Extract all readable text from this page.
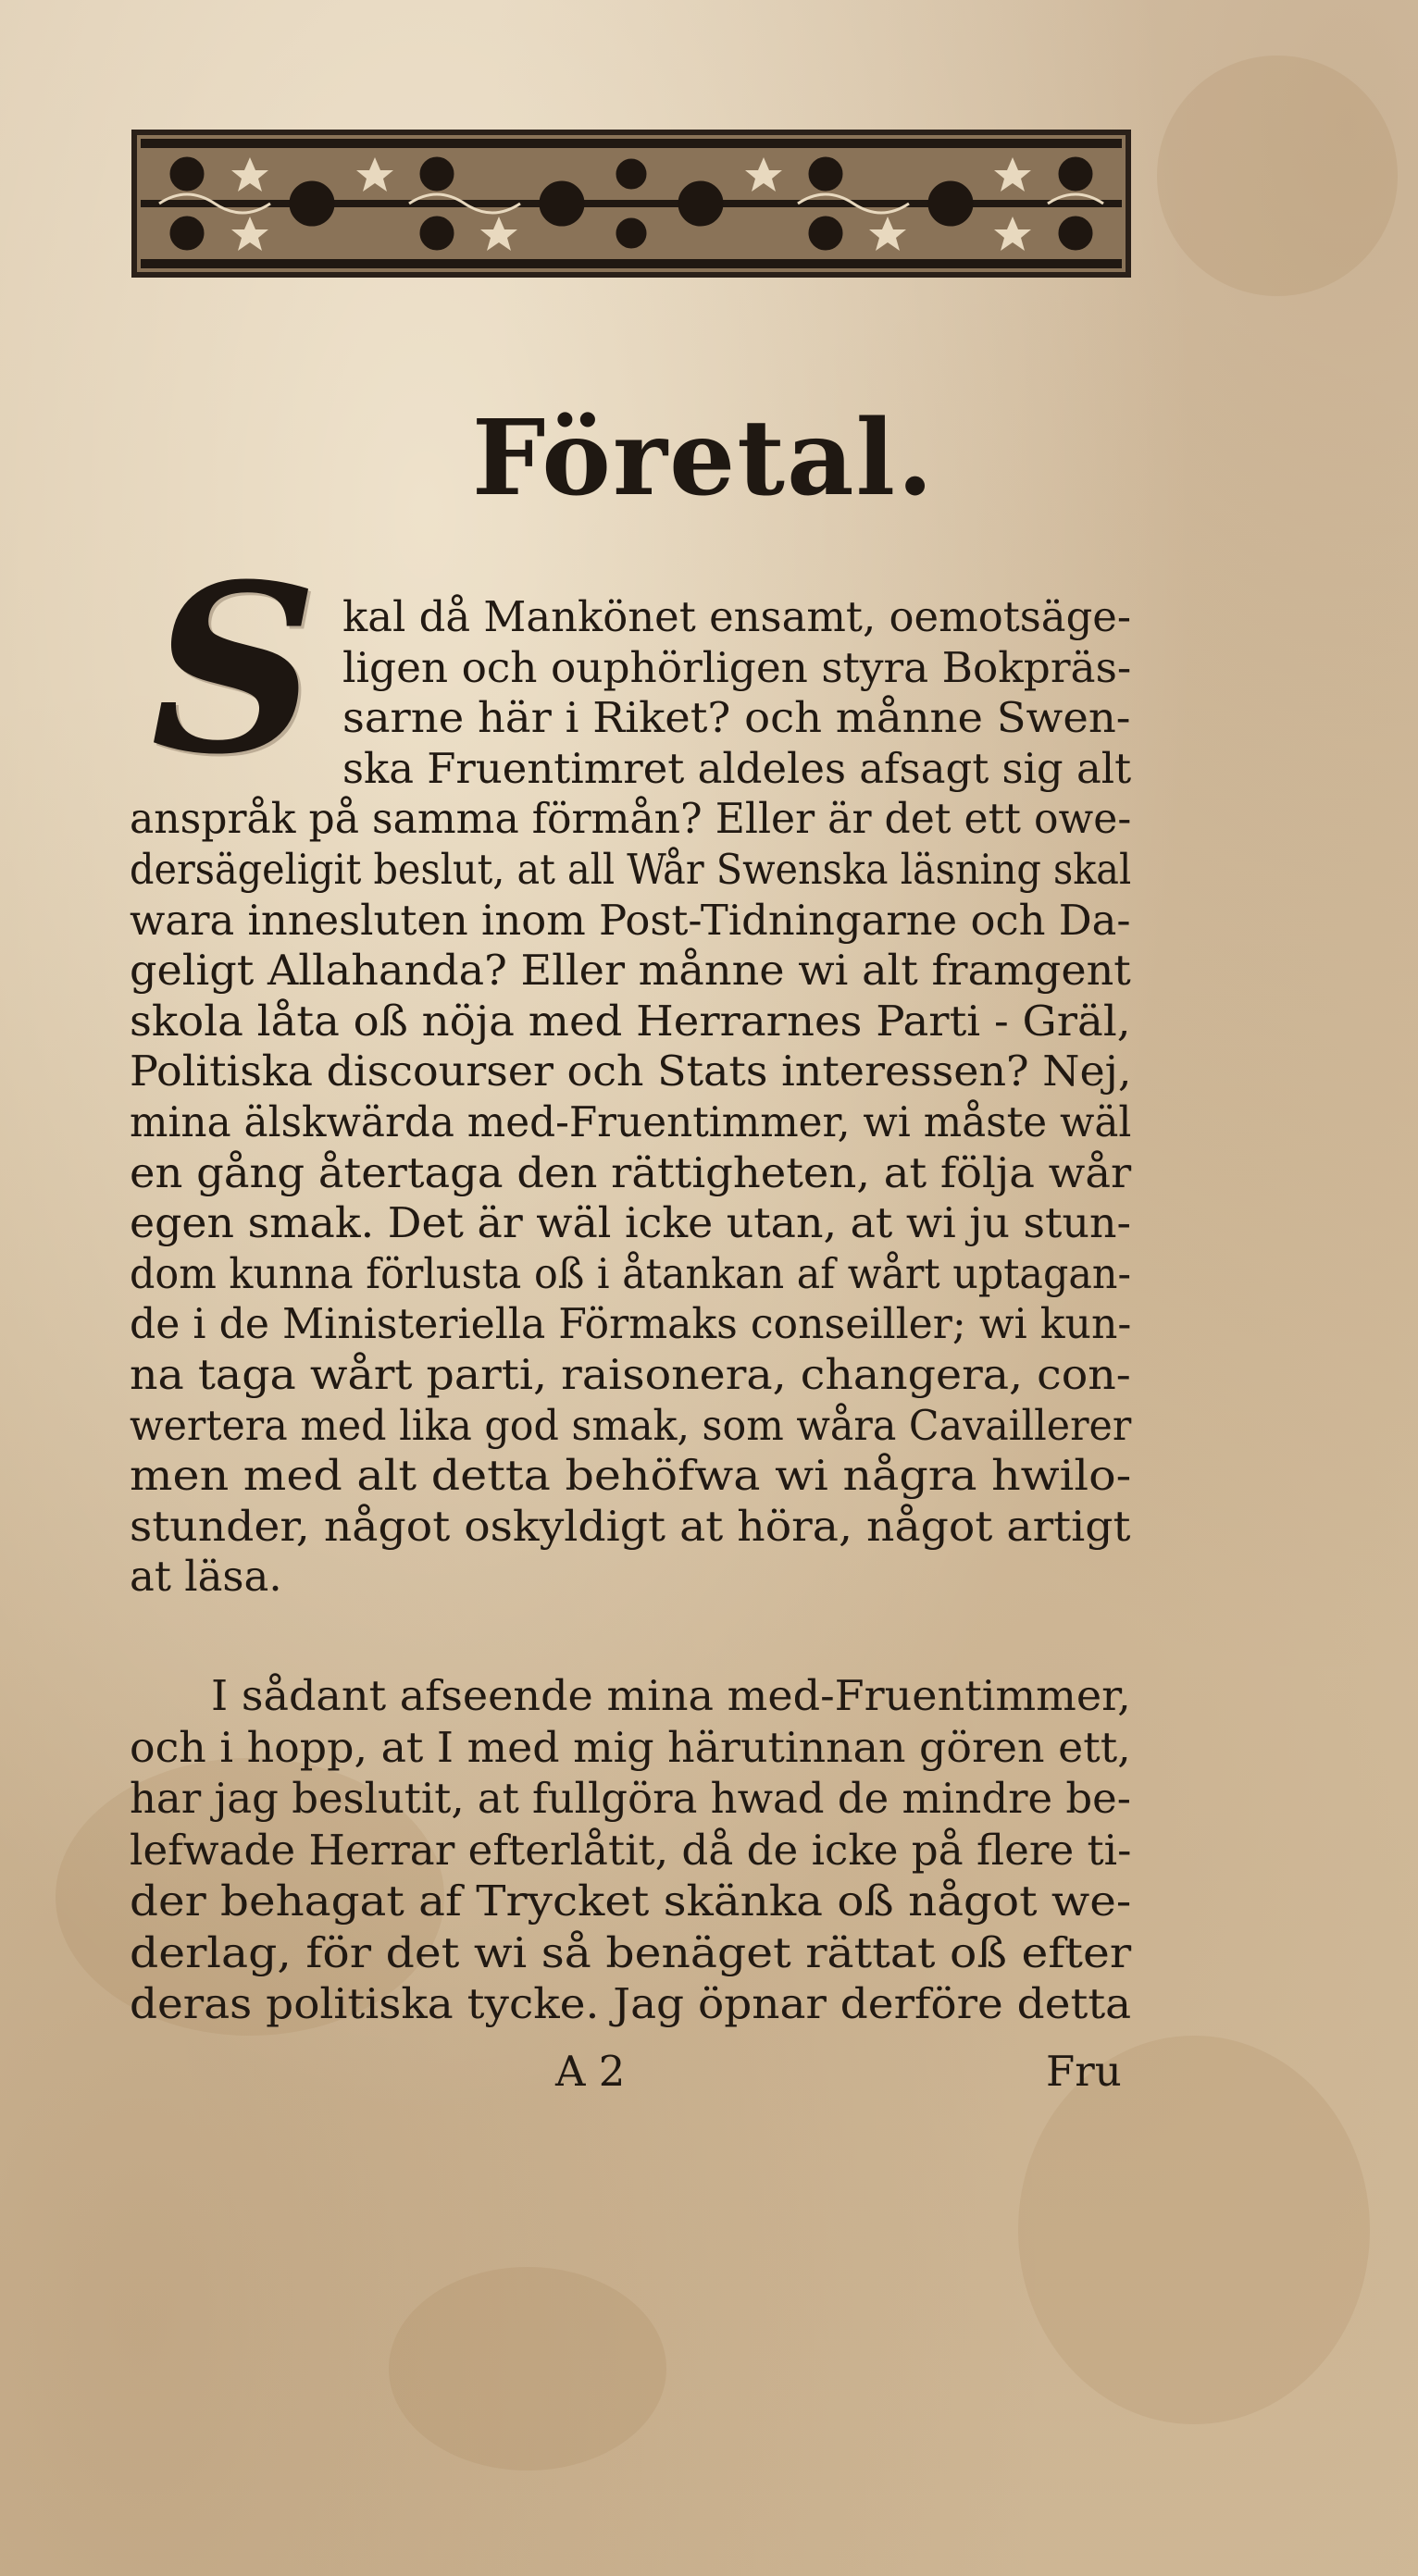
Företal.
S kal då Mankönet ensamt, oemotsäge-
ligen och ouphörligen styra Bokpräs-
sarne här i Riket? och månne Swen-
ska Fruentimret aldeles afsagt sig alt
anspråk på samma förmån? Eller är det ett owe-
dersägeligit beslut, at all Wår Swenska läsning skal
wara innesluten inom Post-Tidningarne och Da-
geligt Allahanda? Eller månne wi alt framgent
skola låta oß nöja med Herrarnes Parti - Gräl,
Politiska discourser och Stats interessen? Nej,
mina älskwärda med-Fruentimmer, wi måste wäl
en gång återtaga den rättigheten, at följa wår
egen smak. Det är wäl icke utan, at wi ju stun-
dom kunna förlusta oß i åtankan af wårt uptagan-
de i de Ministeriella Förmaks conseiller; wi kun-
na taga wårt parti, raisonera, changera, con-
wertera med lika god smak, som wåra Cavaillerer
men med alt detta behöfwa wi några hwilo-
stunder, något oskyldigt at höra, något artigt
at läsa.
I sådant afseende mina med-Fruentimmer,
och i hopp, at I med mig härutinnan gören ett,
har jag beslutit, at fullgöra hwad de mindre be-
lefwade Herrar efterlåtit, då de icke på flere ti-
der behagat af Trycket skänka oß något we-
derlag, för det wi så benäget rättat oß efter
deras politiska tycke. Jag öpnar derföre detta
A 2	Fru
